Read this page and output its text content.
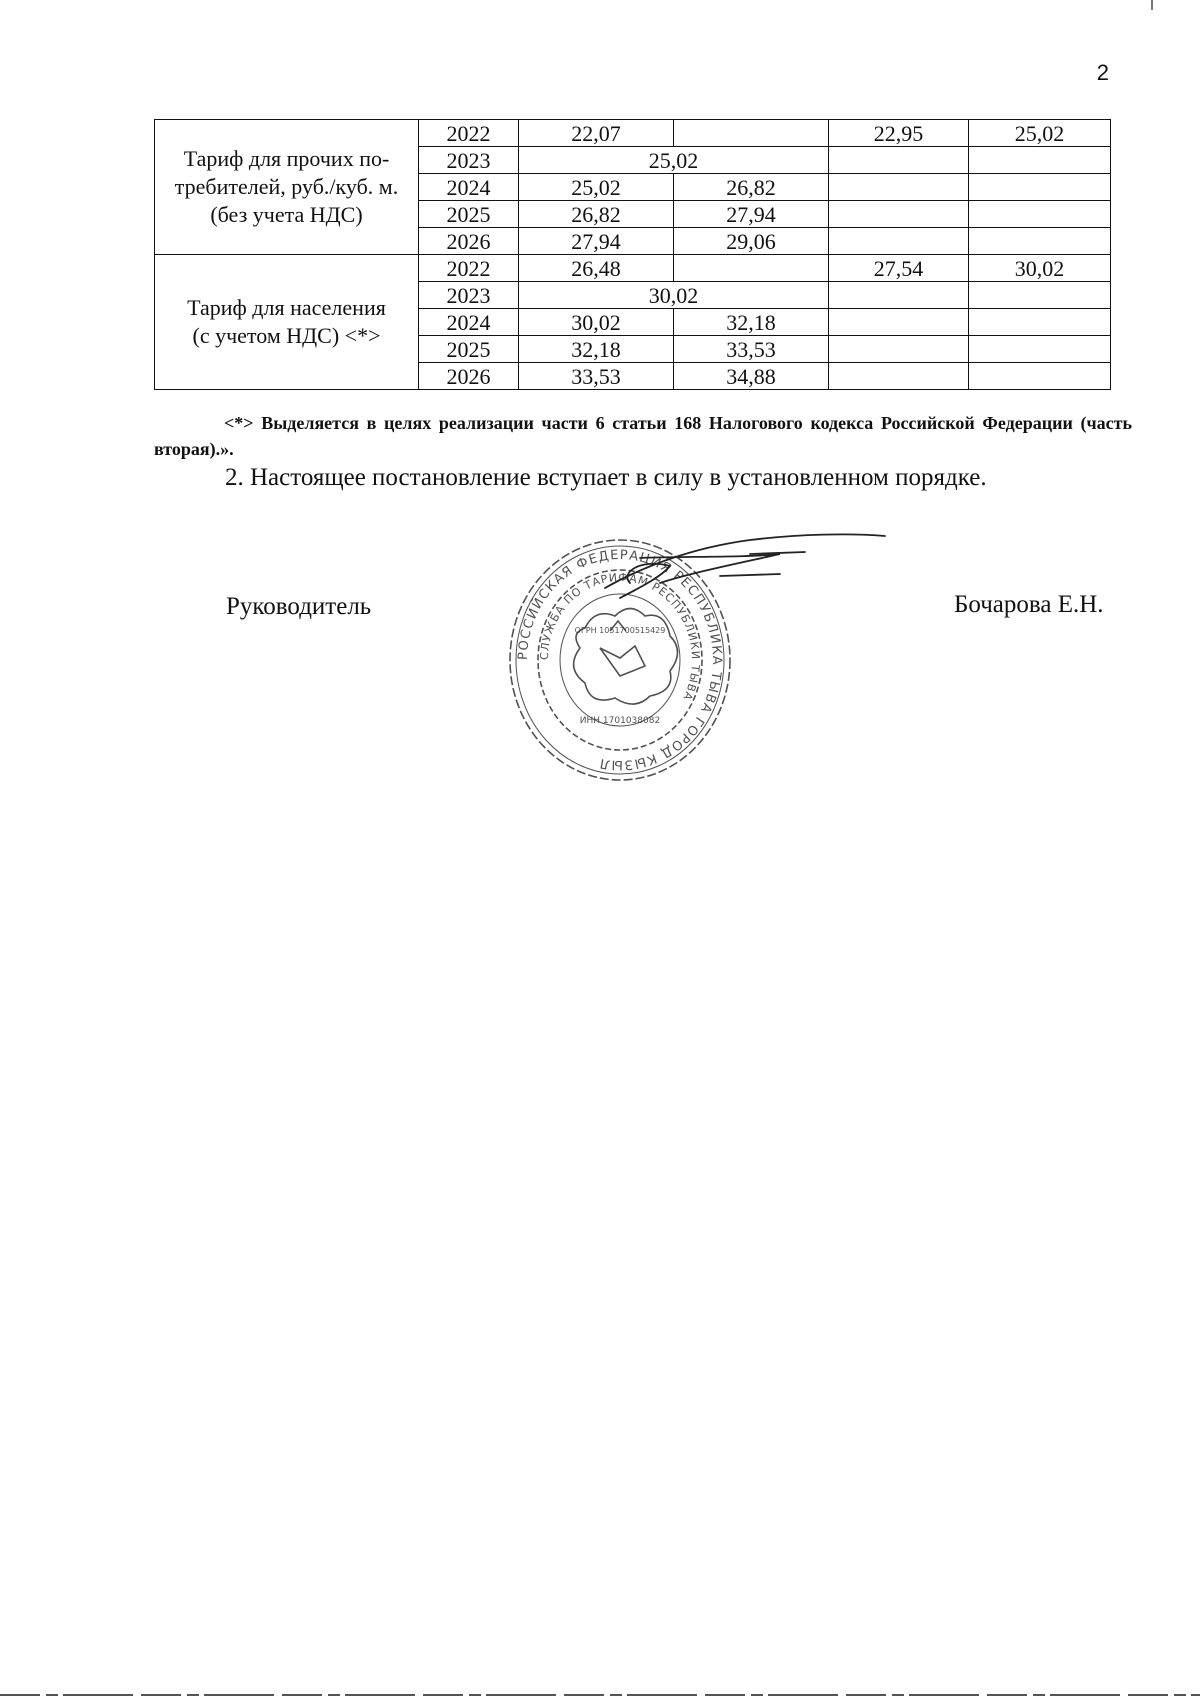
2
Тариф для прочих по-
требителей, руб./куб. м.
(без учета НДС)	2022	22,07		22,95	25,02
	2023	25,02			
	2024	25,02	26,82		
	2025	26,82	27,94		
	2026	27,94	29,06		

Тариф для населения
(с учетом НДС) <*>	2022	26,48		27,54	30,02
	2023	30,02			
	2024	30,02	32,18		
	2025	32,18	33,53		
	2026	33,53	34,88		
<*> Выделяется в целях реализации части 6 статьи 168 Налогового кодекса Российской Федерации (часть вторая).».
2. Настоящее постановление вступает в силу в установленном порядке.
Руководитель	Бочарова Е.Н.
РОССИЙСКАЯ ФЕДЕРАЦИЯ РЕСПУБЛИКА ТЫВА ГОРОД КЫЗЫЛ
СЛУЖБА ПО ТАРИФАМ РЕСПУБЛИКИ ТЫВА
ОГРН 1051700515429
ИНН 1701038082
